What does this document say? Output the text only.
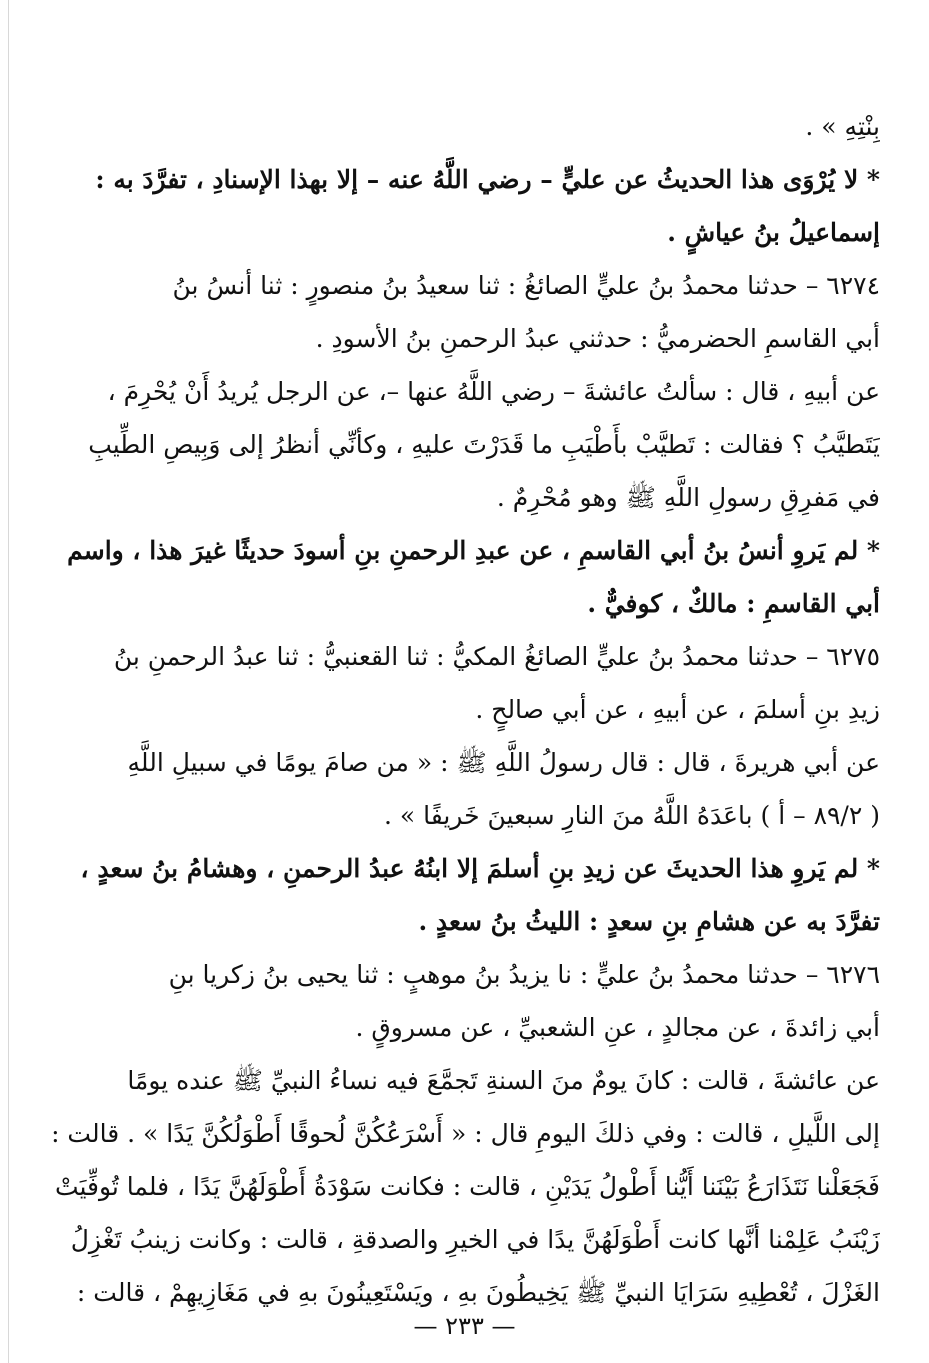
بِنْتِهِ » .
* لا يُرْوَى هذا الحديثُ عن عليٍّ – رضي اللَّهُ عنه – إلا بهذا الإسنادِ ، تفرَّدَ به :
إسماعيلُ بنُ عياشٍ .
٦٢٧٤ – حدثنا محمدُ بنُ عليٍّ الصائغُ : ثنا سعيدُ بنُ منصورٍ : ثنا أنسُ بنُ
أبي القاسمِ الحضرميُّ : حدثني عبدُ الرحمنِ بنُ الأسودِ .
عن أبيهِ ، قال : سألتُ عائشةَ – رضي اللَّهُ عنها –، عن الرجل يُريدُ أَنْ يُحْرِمَ ،
يَتَطيَّبُ ؟ فقالت : تَطيَّبْ بأَطْيَبِ ما قَدَرْتَ عليهِ ، وكأنِّي أنظرُ إلى وَبِيصِ الطِّيبِ
في مَفرِقِ رسولِ اللَّهِ ﷺ وهو مُحْرِمٌ .
* لم يَروِ أنسُ بنُ أبي القاسمِ ، عن عبدِ الرحمنِ بنِ أسودَ حديثًا غيرَ هذا ، واسم
أبي القاسمِ : مالكٌ ، كوفيٌّ .
٦٢٧٥ – حدثنا محمدُ بنُ عليٍّ الصائغُ المكيُّ : ثنا القعنبيُّ : ثنا عبدُ الرحمنِ بنُ
زيدِ بنِ أسلمَ ، عن أبيهِ ، عن أبي صالحٍ .
عن أبي هريرةَ ، قال : قال رسولُ اللَّهِ ﷺ : « من صامَ يومًا في سبيلِ اللَّهِ
( ٨٩/٢ – أ ) باعَدَهُ اللَّهُ منَ النارِ سبعينَ خَريفًا » .
* لم يَروِ هذا الحديثَ عن زيدِ بنِ أسلمَ إلا ابنُهُ عبدُ الرحمنِ ، وهشامُ بنُ سعدٍ ،
تفرَّدَ به عن هشامِ بنِ سعدٍ : الليثُ بنُ سعدٍ .
٦٢٧٦ – حدثنا محمدُ بنُ عليٍّ : نا يزيدُ بنُ موهبٍ : ثنا يحيى بنُ زكريا بنِ
أبي زائدةَ ، عن مجالدٍ ، عنِ الشعبيِّ ، عن مسروقٍ .
عن عائشةَ ، قالت : كانَ يومٌ منَ السنةِ تَجمَّعَ فيه نساءُ النبيِّ ﷺ عنده يومًا
إلى اللَّيلِ ، قالت : وفي ذلكَ اليومِ قال : « أَسْرَعُكُنَّ لُحوقًا أَطْوَلُكُنَّ يَدًا » . قالت :
فَجَعَلْنا نَتَذَارَعُ بَيْنَنا أَيُّنا أَطْولُ يَدَيْنِ ، قالت : فكانت سَوْدَةُ أَطْوَلَهُنَّ يَدًا ، فلما تُوفِّيَتْ
زَيْنَبُ عَلِمْنا أنَّها كانت أَطْوَلَهُنَّ يدًا في الخيرِ والصدقةِ ، قالت : وكانت زينبُ تَغْزِلُ
الغَزْلَ ، تُعْطِيهِ سَرَايَا النبيِّ ﷺ يَخِيطُونَ بهِ ، ويَسْتَعِينُونَ بهِ في مَغَازِيهِمْ ، قالت :
— ٢٣٣ —
